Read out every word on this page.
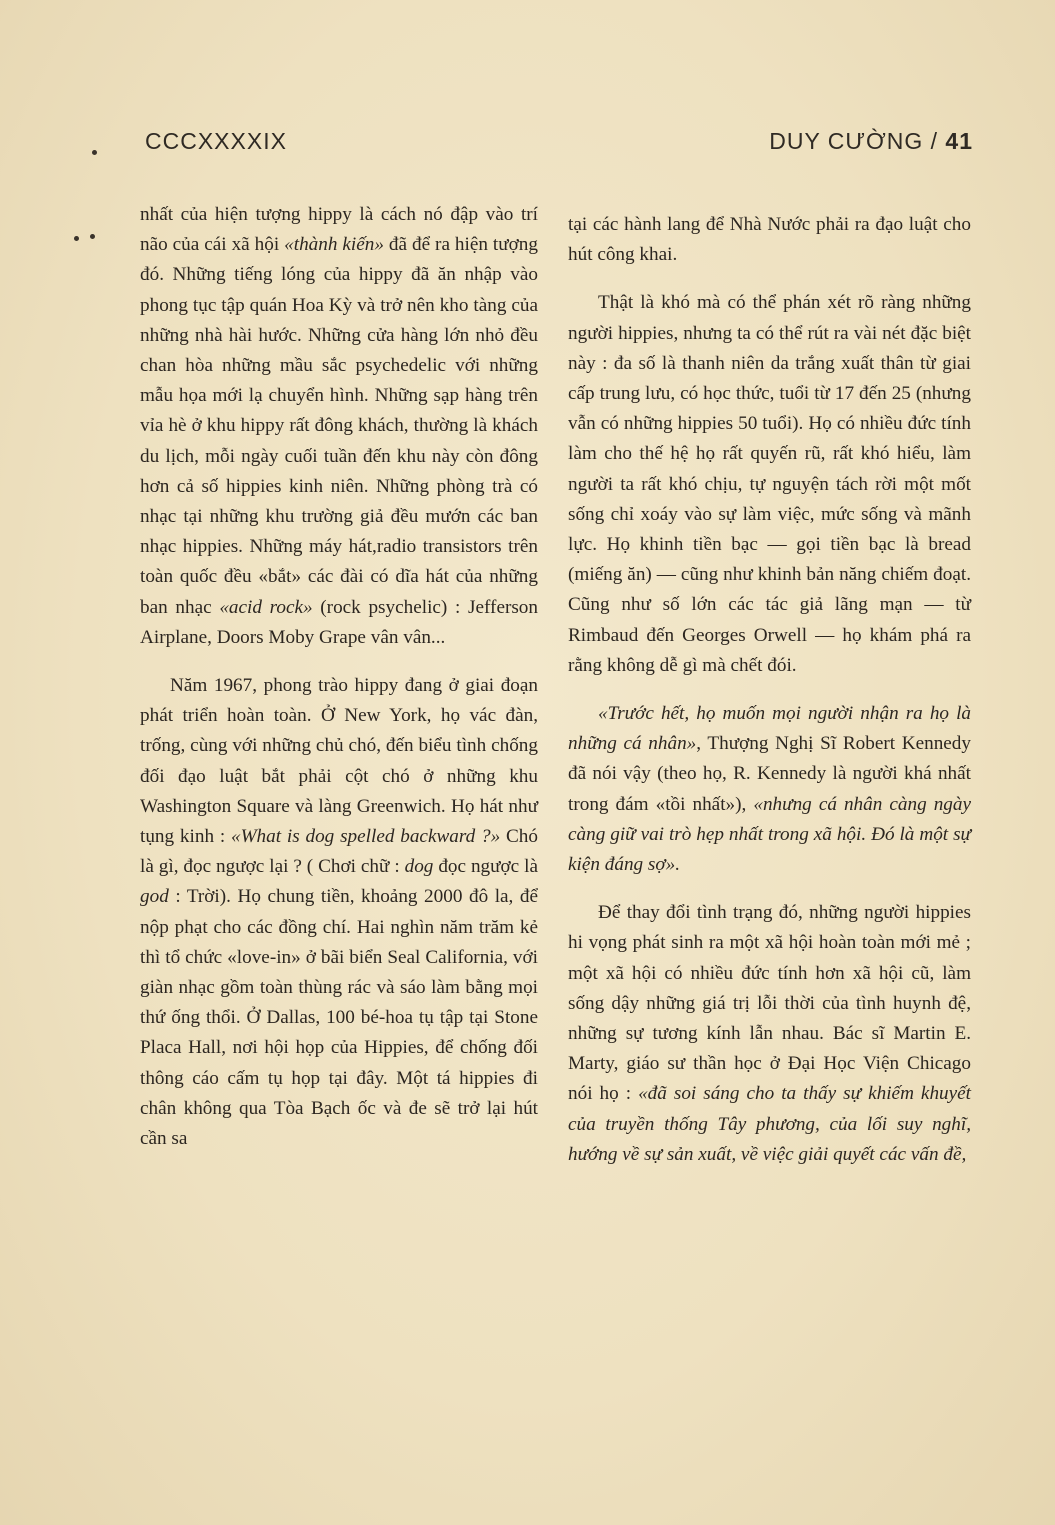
CCCXXXXIX	DUY CƯỜNG / 41

nhất của hiện tượng hippy là cách nó đập vào trí não của cái xã hội «thành kiến» đã để ra hiện tượng đó. Những tiếng lóng của hippy đã ăn nhập vào phong tục tập quán Hoa Kỳ và trở nên kho tàng của những nhà hài hước. Những cửa hàng lớn nhỏ đều chan hòa những mầu sắc psychedelic với những mẫu họa mới lạ chuyển hình. Những sạp hàng trên vỉa hè ở khu hippy rất đông khách, thường là khách du lịch, mỗi ngày cuối tuần đến khu này còn đông hơn cả số hippies kinh niên. Những phòng trà có nhạc tại những khu trường giả đều mướn các ban nhạc hippies. Những máy hát,radio transistors trên toàn quốc đều «bắt» các đài có dĩa hát của những ban nhạc «acid rock» (rock psychelic) : Jefferson Airplane, Doors Moby Grape vân vân...

Năm 1967, phong trào hippy đang ở giai đoạn phát triển hoàn toàn. Ở New York, họ vác đàn, trống, cùng với những chủ chó, đến biểu tình chống đối đạo luật bắt phải cột chó ở những khu Washington Square và làng Greenwich. Họ hát như tụng kinh : «What is dog spelled backward ?» Chó là gì, đọc ngược lại ? ( Chơi chữ : dog đọc ngược là god : Trời). Họ chung tiền, khoảng 2000 đô la, để nộp phạt cho các đồng chí. Hai nghìn năm trăm kẻ thì tổ chức «love-in» ở bãi biển Seal California, với giàn nhạc gồm toàn thùng rác và sáo làm bằng mọi thứ ống thổi. Ở Dallas, 100 bé-hoa tụ tập tại Stone Placa Hall, nơi hội họp của Hippies, để chống đối thông cáo cấm tụ họp tại đây. Một tá hippies đi chân không qua Tòa Bạch ốc và đe sẽ trở lại hút cần sa

tại các hành lang để Nhà Nước phải ra đạo luật cho hút công khai.

Thật là khó mà có thể phán xét rõ ràng những người hippies, nhưng ta có thể rút ra vài nét đặc biệt này : đa số là thanh niên da trắng xuất thân từ giai cấp trung lưu, có học thức, tuổi từ 17 đến 25 (nhưng vẫn có những hippies 50 tuổi). Họ có nhiều đức tính làm cho thế hệ họ rất quyến rũ, rất khó hiểu, làm người ta rất khó chịu, tự nguyện tách rời một mốt sống chỉ xoáy vào sự làm việc, mức sống và mãnh lực. Họ khinh tiền bạc — gọi tiền bạc là bread (miếng ăn) — cũng như khinh bản năng chiếm đoạt. Cũng như số lớn các tác giả lãng mạn — từ Rimbaud đến Georges Orwell — họ khám phá ra rằng không dễ gì mà chết đói.

«Trước hết, họ muốn mọi người nhận ra họ là những cá nhân», Thượng Nghị Sĩ Robert Kennedy đã nói vậy (theo họ, R. Kennedy là người khá nhất trong đám «tồi nhất»), «nhưng cá nhân càng ngày càng giữ vai trò hẹp nhất trong xã hội. Đó là một sự kiện đáng sợ».

Để thay đổi tình trạng đó, những người hippies hi vọng phát sinh ra một xã hội hoàn toàn mới mẻ ; một xã hội có nhiều đức tính hơn xã hội cũ, làm sống dậy những giá trị lỗi thời của tình huynh đệ, những sự tương kính lẫn nhau. Bác sĩ Martin E. Marty, giáo sư thần học ở Đại Học Viện Chicago nói họ : «đã soi sáng cho ta thấy sự khiếm khuyết của truyền thống Tây phương, của lối suy nghĩ, hướng về sự sản xuất, về việc giải quyết các vấn đề,
